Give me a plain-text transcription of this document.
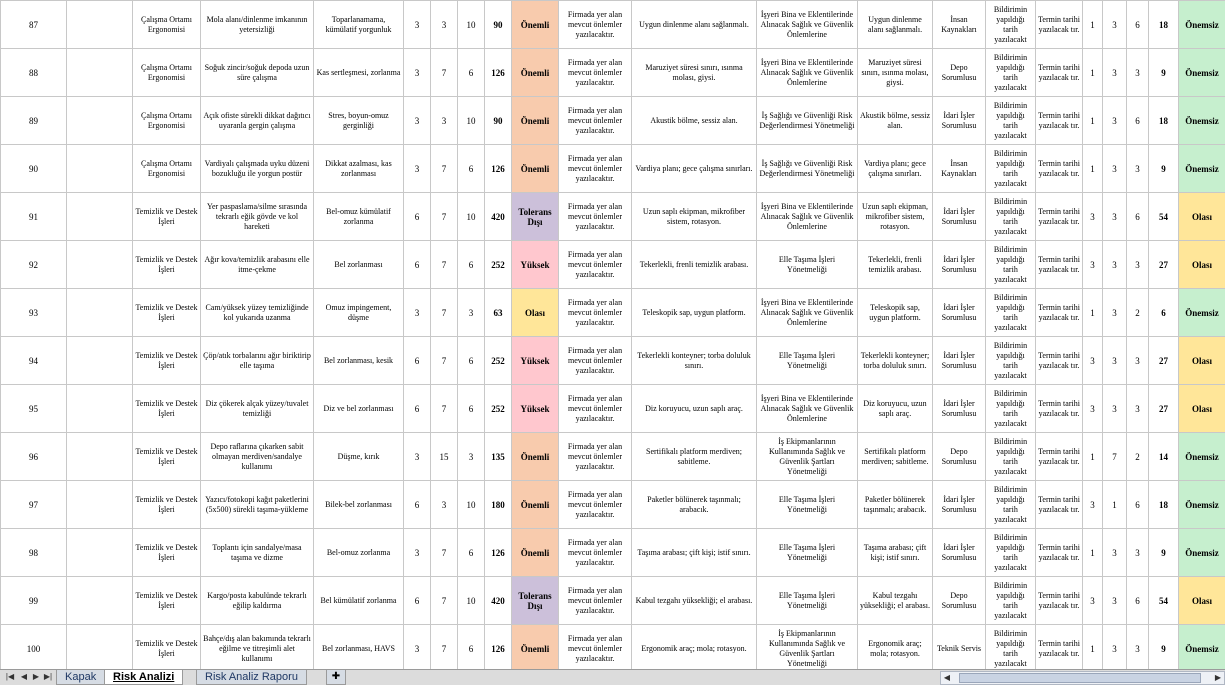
87		Çalışma Ortamı Ergonomisi	Mola alanı/dinlenme imkanının yetersizliği	Toparlanamama, kümülatif yorgunluk	3	3	10	90	Önemli	Firmada yer alan mevcut önlemler yazılacaktır.	Uygun dinlenme alanı sağlanmalı.	İşyeri Bina ve Eklentilerinde Alınacak Sağlık ve Güvenlik Önlemlerine	Uygun dinlenme alanı sağlanmalı.	İnsan Kaynakları	Bildirimin yapıldığı tarih yazılacakt	Termin tarihi yazılacak tır.	1	3	6	18	Önemsiz
88		Çalışma Ortamı Ergonomisi	Soğuk zincir/soğuk depoda uzun süre çalışma	Kas sertleşmesi, zorlanma	3	7	6	126	Önemli	Firmada yer alan mevcut önlemler yazılacaktır.	Maruziyet süresi sınırı, ısınma molası, giysi.	İşyeri Bina ve Eklentilerinde Alınacak Sağlık ve Güvenlik Önlemlerine	Maruziyet süresi sınırı, ısınma molası, giysi.	Depo Sorumlusu	Bildirimin yapıldığı tarih yazılacakt	Termin tarihi yazılacak tır.	1	3	3	9	Önemsiz
89		Çalışma Ortamı Ergonomisi	Açık ofiste sürekli dikkat dağıtıcı uyaranla gergin çalışma	Stres, boyun-omuz gerginliği	3	3	10	90	Önemli	Firmada yer alan mevcut önlemler yazılacaktır.	Akustik bölme, sessiz alan.	İş Sağlığı ve Güvenliği Risk Değerlendirmesi Yönetmeliği	Akustik bölme, sessiz alan.	İdari İşler Sorumlusu	Bildirimin yapıldığı tarih yazılacakt	Termin tarihi yazılacak tır.	1	3	6	18	Önemsiz
90		Çalışma Ortamı Ergonomisi	Vardiyalı çalışmada uyku düzeni bozukluğu ile yorgun postür	Dikkat azalması, kas zorlanması	3	7	6	126	Önemli	Firmada yer alan mevcut önlemler yazılacaktır.	Vardiya planı; gece çalışma sınırları.	İş Sağlığı ve Güvenliği Risk Değerlendirmesi Yönetmeliği	Vardiya planı; gece çalışma sınırları.	İnsan Kaynakları	Bildirimin yapıldığı tarih yazılacakt	Termin tarihi yazılacak tır.	1	3	3	9	Önemsiz
91		Temizlik ve Destek İşleri	Yer paspaslama/silme sırasında tekrarlı eğik gövde ve kol hareketi	Bel-omuz kümülatif zorlanma	6	7	10	420	Tolerans Dışı	Firmada yer alan mevcut önlemler yazılacaktır.	Uzun saplı ekipman, mikrofiber sistem, rotasyon.	İşyeri Bina ve Eklentilerinde Alınacak Sağlık ve Güvenlik Önlemlerine	Uzun saplı ekipman, mikrofiber sistem, rotasyon.	İdari İşler Sorumlusu	Bildirimin yapıldığı tarih yazılacakt	Termin tarihi yazılacak tır.	3	3	6	54	Olası
92		Temizlik ve Destek İşleri	Ağır kova/temizlik arabasını elle itme-çekme	Bel zorlanması	6	7	6	252	Yüksek	Firmada yer alan mevcut önlemler yazılacaktır.	Tekerlekli, frenli temizlik arabası.	Elle Taşıma İşleri Yönetmeliği	Tekerlekli, frenli temizlik arabası.	İdari İşler Sorumlusu	Bildirimin yapıldığı tarih yazılacakt	Termin tarihi yazılacak tır.	3	3	3	27	Olası
93		Temizlik ve Destek İşleri	Cam/yüksek yüzey temizliğinde kol yukarıda uzanma	Omuz impingement, düşme	3	7	3	63	Olası	Firmada yer alan mevcut önlemler yazılacaktır.	Teleskopik sap, uygun platform.	İşyeri Bina ve Eklentilerinde Alınacak Sağlık ve Güvenlik Önlemlerine	Teleskopik sap, uygun platform.	İdari İşler Sorumlusu	Bildirimin yapıldığı tarih yazılacakt	Termin tarihi yazılacak tır.	1	3	2	6	Önemsiz
94		Temizlik ve Destek İşleri	Çöp/atık torbalarını ağır biriktirip elle taşıma	Bel zorlanması, kesik	6	7	6	252	Yüksek	Firmada yer alan mevcut önlemler yazılacaktır.	Tekerlekli konteyner; torba doluluk sınırı.	Elle Taşıma İşleri Yönetmeliği	Tekerlekli konteyner; torba doluluk sınırı.	İdari İşler Sorumlusu	Bildirimin yapıldığı tarih yazılacakt	Termin tarihi yazılacak tır.	3	3	3	27	Olası
95		Temizlik ve Destek İşleri	Diz çökerek alçak yüzey/tuvalet temizliği	Diz ve bel zorlanması	6	7	6	252	Yüksek	Firmada yer alan mevcut önlemler yazılacaktır.	Diz koruyucu, uzun saplı araç.	İşyeri Bina ve Eklentilerinde Alınacak Sağlık ve Güvenlik Önlemlerine	Diz koruyucu, uzun saplı araç.	İdari İşler Sorumlusu	Bildirimin yapıldığı tarih yazılacakt	Termin tarihi yazılacak tır.	3	3	3	27	Olası
96		Temizlik ve Destek İşleri	Depo raflarına çıkarken sabit olmayan merdiven/sandalye kullanımı	Düşme, kırık	3	15	3	135	Önemli	Firmada yer alan mevcut önlemler yazılacaktır.	Sertifikalı platform merdiven; sabitleme.	İş Ekipmanlarının Kullanımında Sağlık ve Güvenlik Şartları Yönetmeliği	Sertifikalı platform merdiven; sabitleme.	Depo Sorumlusu	Bildirimin yapıldığı tarih yazılacakt	Termin tarihi yazılacak tır.	1	7	2	14	Önemsiz
97		Temizlik ve Destek İşleri	Yazıcı/fotokopi kağıt paketlerini (5x500) sürekli taşıma-yükleme	Bilek-bel zorlanması	6	3	10	180	Önemli	Firmada yer alan mevcut önlemler yazılacaktır.	Paketler bölünerek taşınmalı; arabacık.	Elle Taşıma İşleri Yönetmeliği	Paketler bölünerek taşınmalı; arabacık.	İdari İşler Sorumlusu	Bildirimin yapıldığı tarih yazılacakt	Termin tarihi yazılacak tır.	3	1	6	18	Önemsiz
98		Temizlik ve Destek İşleri	Toplantı için sandalye/masa taşıma ve dizme	Bel-omuz zorlanma	3	7	6	126	Önemli	Firmada yer alan mevcut önlemler yazılacaktır.	Taşıma arabası; çift kişi; istif sınırı.	Elle Taşıma İşleri Yönetmeliği	Taşıma arabası; çift kişi; istif sınırı.	İdari İşler Sorumlusu	Bildirimin yapıldığı tarih yazılacakt	Termin tarihi yazılacak tır.	1	3	3	9	Önemsiz
99		Temizlik ve Destek İşleri	Kargo/posta kabulünde tekrarlı eğilip kaldırma	Bel kümülatif zorlanma	6	7	10	420	Tolerans Dışı	Firmada yer alan mevcut önlemler yazılacaktır.	Kabul tezgahı yüksekliği; el arabası.	Elle Taşıma İşleri Yönetmeliği	Kabul tezgahı yüksekliği; el arabası.	Depo Sorumlusu	Bildirimin yapıldığı tarih yazılacakt	Termin tarihi yazılacak tır.	3	3	6	54	Olası
100		Temizlik ve Destek İşleri	Bahçe/dış alan bakımında tekrarlı eğilme ve titreşimli alet kullanımı	Bel zorlanması, HAVS	3	7	6	126	Önemli	Firmada yer alan mevcut önlemler yazılacaktır.	Ergonomik araç; mola; rotasyon.	İş Ekipmanlarının Kullanımında Sağlık ve Güvenlik Şartları Yönetmeliği	Ergonomik araç; mola; rotasyon.	Teknik Servis	Bildirimin yapıldığı tarih yazılacakt	Termin tarihi yazılacak tır.	1	3	3	9	Önemsiz
|◀ ◀ ▶ ▶|	Kapak	Risk Analizi	Risk Analiz Raporu	✚	◀	▶
